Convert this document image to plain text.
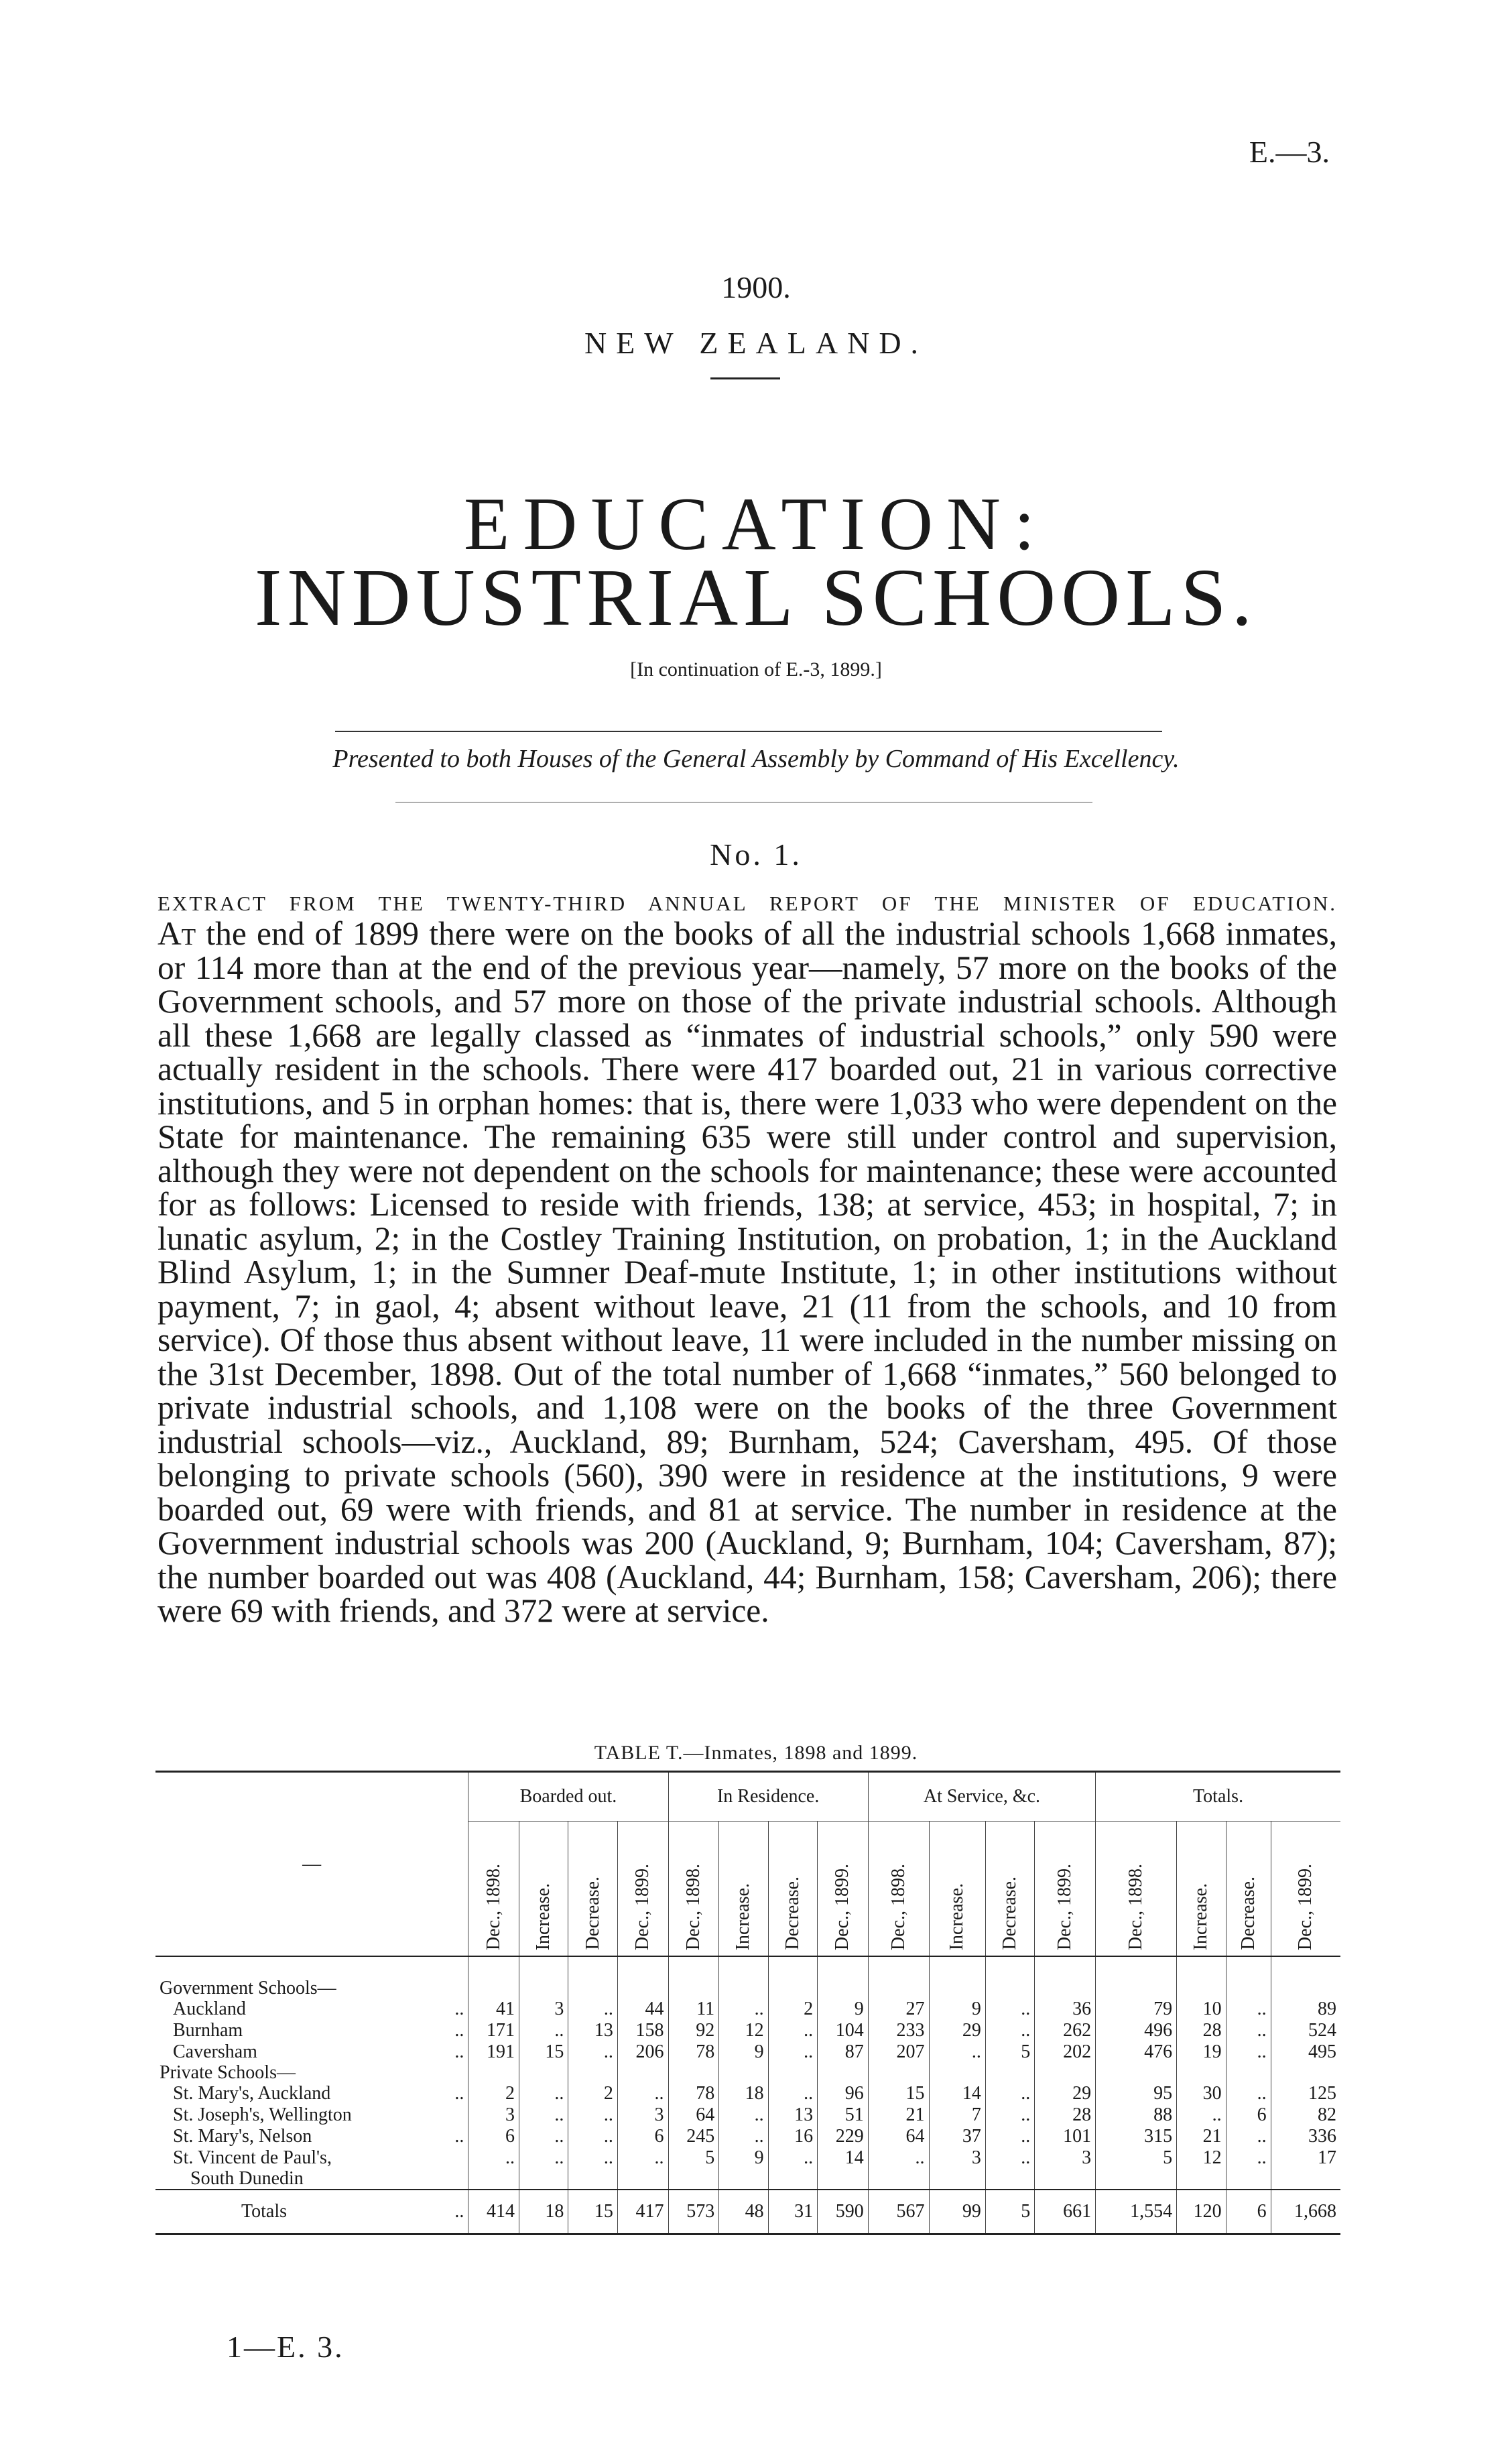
E.—3.
1900.
NEW ZEALAND.
EDUCATION:
INDUSTRIAL SCHOOLS.
[In continuation of E.-3, 1899.]
Presented to both Houses of the General Assembly by Command of His Excellency.
No. 1.
EXTRACT FROM THE TWENTY-THIRD ANNUAL REPORT OF THE MINISTER OF EDUCATION.
At the end of 1899 there were on the books of all the industrial schools 1,668 inmates, or 114 more than at the end of the previous year—namely, 57 more on the books of the Government schools, and 57 more on those of the private industrial schools. Although all these 1,668 are legally classed as “inmates of industrial schools,” only 590 were actually resident in the schools. There were 417 boarded out, 21 in various corrective institutions, and 5 in orphan homes: that is, there were 1,033 who were dependent on the State for maintenance. The remaining 635 were still under control and supervision, although they were not dependent on the schools for maintenance; these were accounted for as follows: Licensed to reside with friends, 138; at service, 453; in hospital, 7; in lunatic asylum, 2; in the Costley Training Institution, on probation, 1; in the Auckland Blind Asylum, 1; in the Sumner Deaf-mute Institute, 1; in other institutions without payment, 7; in gaol, 4; absent without leave, 21 (11 from the schools, and 10 from service). Of those thus absent without leave, 11 were included in the number missing on the 31st December, 1898. Out of the total number of 1,668 “inmates,” 560 belonged to private industrial schools, and 1,108 were on the books of the three Government industrial schools—viz., Auckland, 89; Burnham, 524; Caversham, 495. Of those belonging to private schools (560), 390 were in residence at the institutions, 9 were boarded out, 69 were with friends, and 81 at service. The number in residence at the Government industrial schools was 200 (Auckland, 9; Burnham, 104; Caversham, 87); the number boarded out was 408 (Auckland, 44; Burnham, 158; Caversham, 206); there were 69 with friends, and 372 were at service.
TABLE T.—Inmates, 1898 and 1899.
—	Boarded out.				In Residence.				At Service, &c.				Totals.			
	Dec., 1898.	Increase.	Decrease.	Dec., 1899.	Dec., 1898.	Increase.	Decrease.	Dec., 1899.	Dec., 1898.	Increase.	Decrease.	Dec., 1899.	Dec., 1898.	Increase.	Decrease.	Dec., 1899.

Government Schools—																

..
Auckland	41	3	..	44	11	..	2	9	27	9	..	36	79	10	..	89

..
Burnham	171	..	13	158	92	12	..	104	233	29	..	262	496	28	..	524

..
Caversham	191	15	..	206	78	9	..	87	207	..	5	202	476	19	..	495
Private Schools—																

..
St. Mary's, Auckland	2	..	2	..	78	18	..	96	15	14	..	29	95	30	..	125

St. Joseph's, Wellington	3	..	..	3	64	..	13	51	21	7	..	28	88	..	6	82

..
St. Mary's, Nelson	6	..	..	6	245	..	16	229	64	37	..	101	315	21	..	336

St. Vincent de Paul's,	..	..	..	..	5	9	..	14	..	3	..	3	5	12	..	17
South Dunedin																

..
Totals	414	18	15	417	573	48	31	590	567	99	5	661	1,554	120	6	1,668
1—E. 3.
